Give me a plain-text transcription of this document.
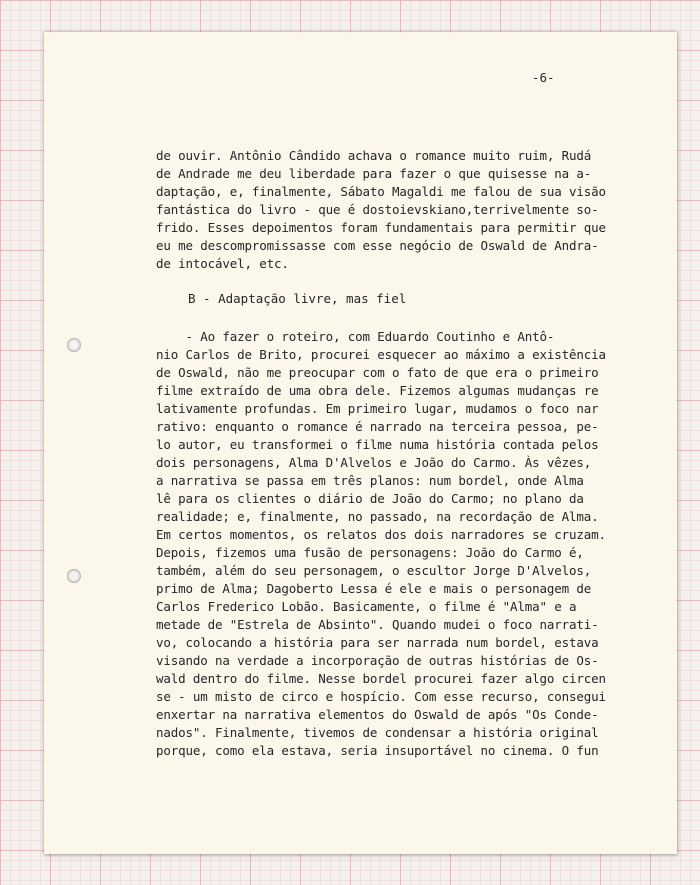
-6-
de ouvir. Antônio Cândido achava o romance muito ruim, Rudá
de Andrade me deu liberdade para fazer o que quisesse na a-
daptação, e, finalmente, Sábato Magaldi me falou de sua visão
fantástica do livro - que é dostoievskiano,terrivelmente so-
frido. Esses depoimentos foram fundamentais para permitir que
eu me descompromissasse com esse negócio de Oswald de Andra-
de intocável, etc.
B - Adaptação livre, mas fiel
- Ao fazer o roteiro, com Eduardo Coutinho e Antô-
nio Carlos de Brito, procurei esquecer ao máximo a existência
de Oswald, não me preocupar com o fato de que era o primeiro
filme extraído de uma obra dele. Fizemos algumas mudanças re
lativamente profundas. Em primeiro lugar, mudamos o foco nar
rativo: enquanto o romance é narrado na terceira pessoa, pe-
lo autor, eu transformei o filme numa história contada pelos
dois personagens, Alma D'Alvelos e João do Carmo. Às vêzes,
a narrativa se passa em três planos: num bordel, onde Alma
lê para os clientes o diário de João do Carmo; no plano da
realidade; e, finalmente, no passado, na recordação de Alma.
Em certos momentos, os relatos dos dois narradores se cruzam.
Depois, fizemos uma fusão de personagens: João do Carmo é,
também, além do seu personagem, o escultor Jorge D'Alvelos,
primo de Alma; Dagoberto Lessa é ele e mais o personagem de
Carlos Frederico Lobão. Basicamente, o filme é "Alma" e a
metade de "Estrela de Absinto". Quando mudei o foco narrati-
vo, colocando a história para ser narrada num bordel, estava
visando na verdade a incorporação de outras histórias de Os-
wald dentro do filme. Nesse bordel procurei fazer algo circen
se - um misto de circo e hospício. Com esse recurso, consegui
enxertar na narrativa elementos do Oswald de após "Os Conde-
nados". Finalmente, tivemos de condensar a história original
porque, como ela estava, seria insuportável no cinema. O fun
